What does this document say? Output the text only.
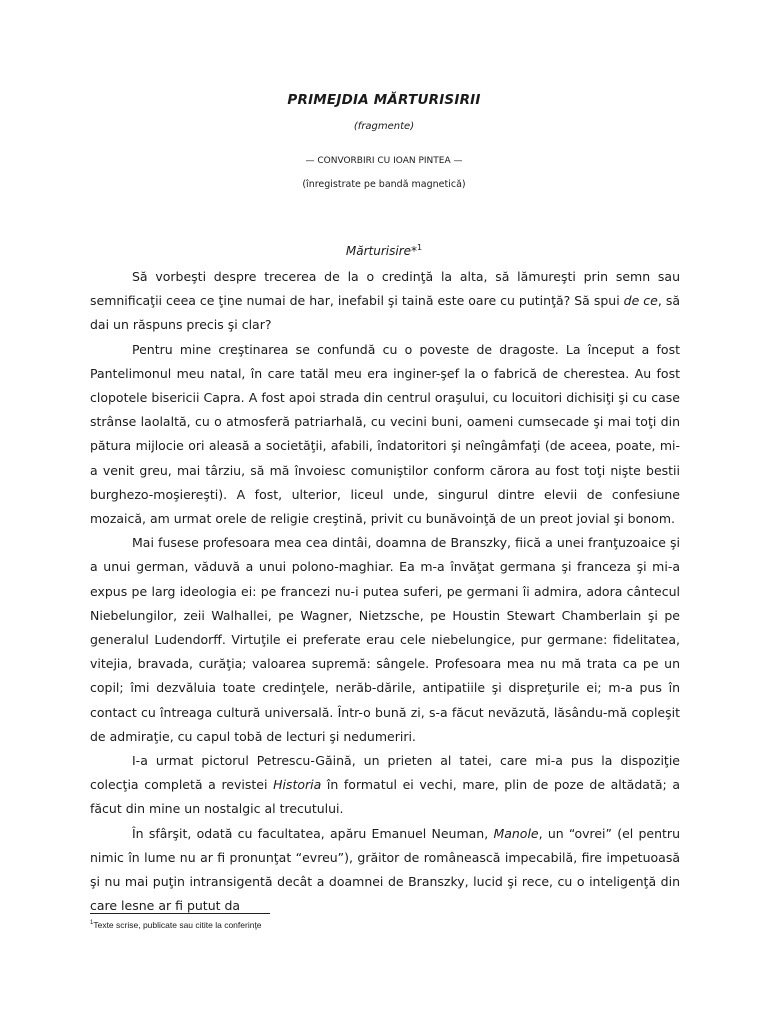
PRIMEJDIA MĂRTURISIRII
(fragmente)
— CONVORBIRI CU IOAN PINTEA —
(înregistrate pe bandă magnetică)
Mărturisire*$^1$

Să vorbeşti despre trecerea de la o credinţă la alta, să lămureşti prin semn sau semnificaţii ceea ce ţine numai de har, inefabil şi taină este oare cu putinţă? Să spui de ce, să dai un răspuns precis şi clar?

Pentru mine creştinarea se confundă cu o poveste de dragoste. La început a fost Pantelimonul meu natal, în care tatăl meu era inginer-şef la o fabrică de cherestea. Au fost clopotele bisericii Capra. A fost apoi strada din centrul oraşului, cu locuitori dichisiţi şi cu case strânse laolaltă, cu o atmosferă patriarhală, cu vecini buni, oameni cumsecade şi mai toţi din pătura mijlocie ori aleasă a societăţii, afabili, îndatoritori şi neîngâmfaţi (de aceea, poate, mi-a venit greu, mai târziu, să mă învoiesc comuniştilor conform cărora au fost toţi nişte bestii burghezo-moşiereşti). A fost, ulterior, liceul unde, singurul dintre elevii de confesiune mozaică, am urmat orele de religie creştină, privit cu bunăvoinţă de un preot jovial şi bonom.

Mai fusese profesoara mea cea dintâi, doamna de Branszky, fiică a unei franţuzoaice şi a unui german, văduvă a unui polono-maghiar. Ea m-a învăţat germana şi franceza şi mi-a expus pe larg ideologia ei: pe francezi nu-i putea suferi, pe germani îi admira, adora cântecul Niebelungilor, zeii Walhallei, pe Wagner, Nietzsche, pe Houstin Stewart Chamberlain şi pe generalul Ludendorff. Virtuţile ei preferate erau cele niebelungice, pur germane: fidelitatea, vitejia, bravada, curăţia; valoarea supremă: sângele. Profesoara mea nu mă trata ca pe un copil; îmi dezvăluia toate credinţele, nerăb-dările, antipatiile şi dispreţurile ei; m-a pus în contact cu întreaga cultură universală. Într-o bună zi, s-a făcut nevăzută, lăsându-mă copleşit de admiraţie, cu capul tobă de lecturi şi nedumeriri.

I-a urmat pictorul Petrescu-Găină, un prieten al tatei, care mi-a pus la dispoziţie colecţia completă a revistei Historia în formatul ei vechi, mare, plin de poze de altădată; a făcut din mine un nostalgic al trecutului.

În sfârşit, odată cu facultatea, apăru Emanuel Neuman, Manole, un “ovrei” (el pentru nimic în lume nu ar fi pronunţat “evreu”), grăitor de românească impecabilă, fire impetuoasă şi nu mai puţin intransigentă decât a doamnei de Branszky, lucid şi rece, cu o inteligenţă din care lesne ar fi putut da

$^1$Texte scrise, publicate sau citite la conferinţe
